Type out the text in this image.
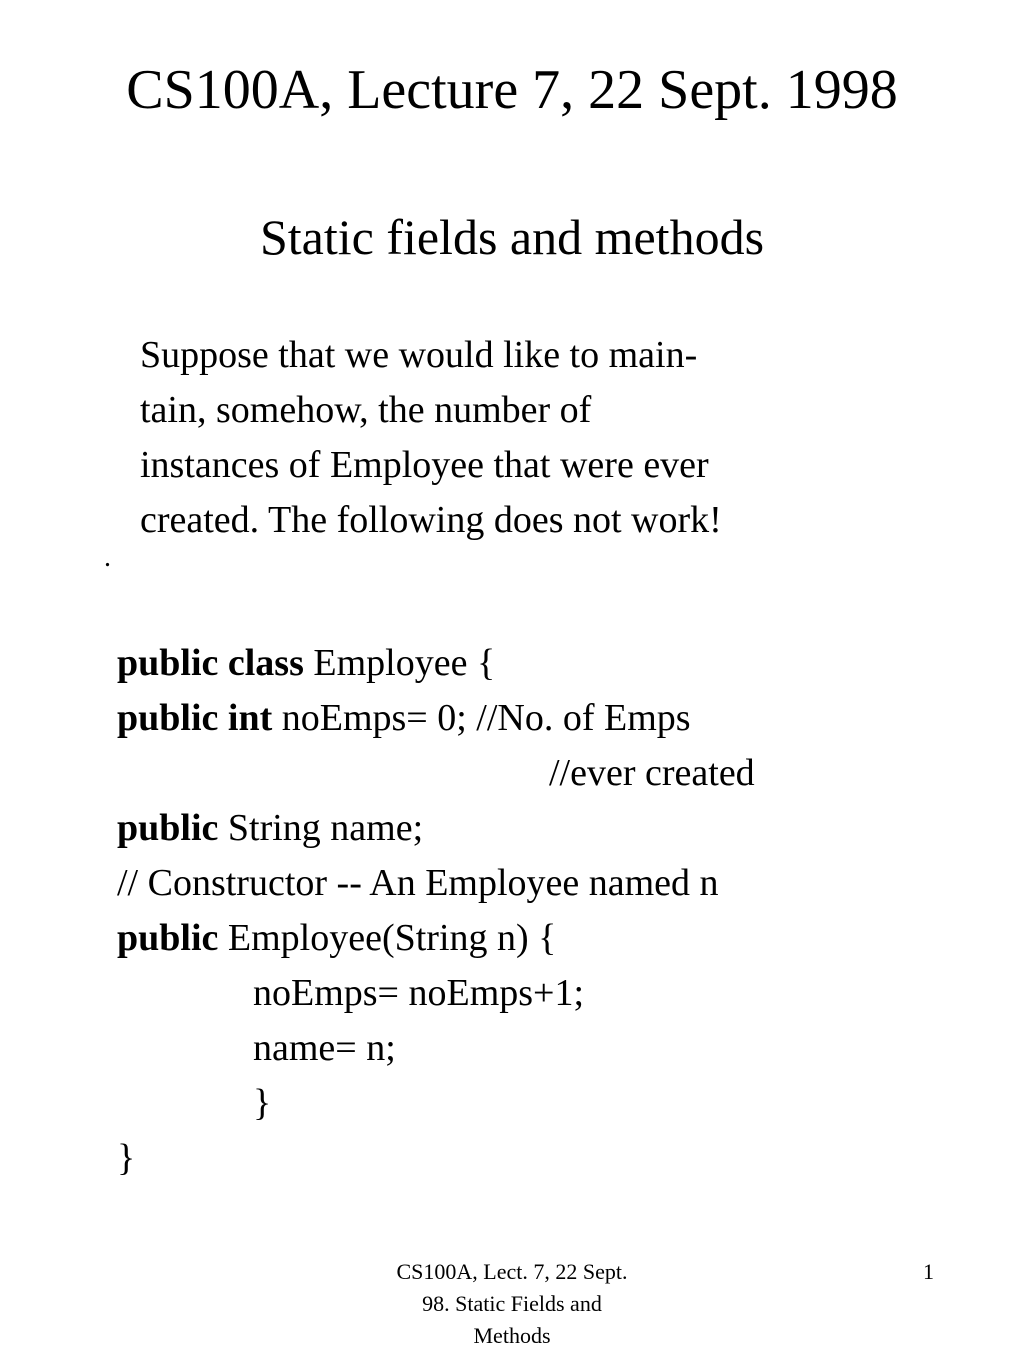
CS100A, Lecture 7, 22 Sept. 1998
Static fields and methods
Suppose that we would like to main-
tain, somehow, the number of
instances of Employee that were ever
created. The following does not work!
.
public class Employee {
public int noEmps= 0; //No. of Emps
//ever created
public String name;
// Constructor -- An Employee named n
public Employee(String n) {
noEmps= noEmps+1;
name= n;
}
}
CS100A, Lect. 7, 22 Sept.
98. Static Fields and
Methods
1
